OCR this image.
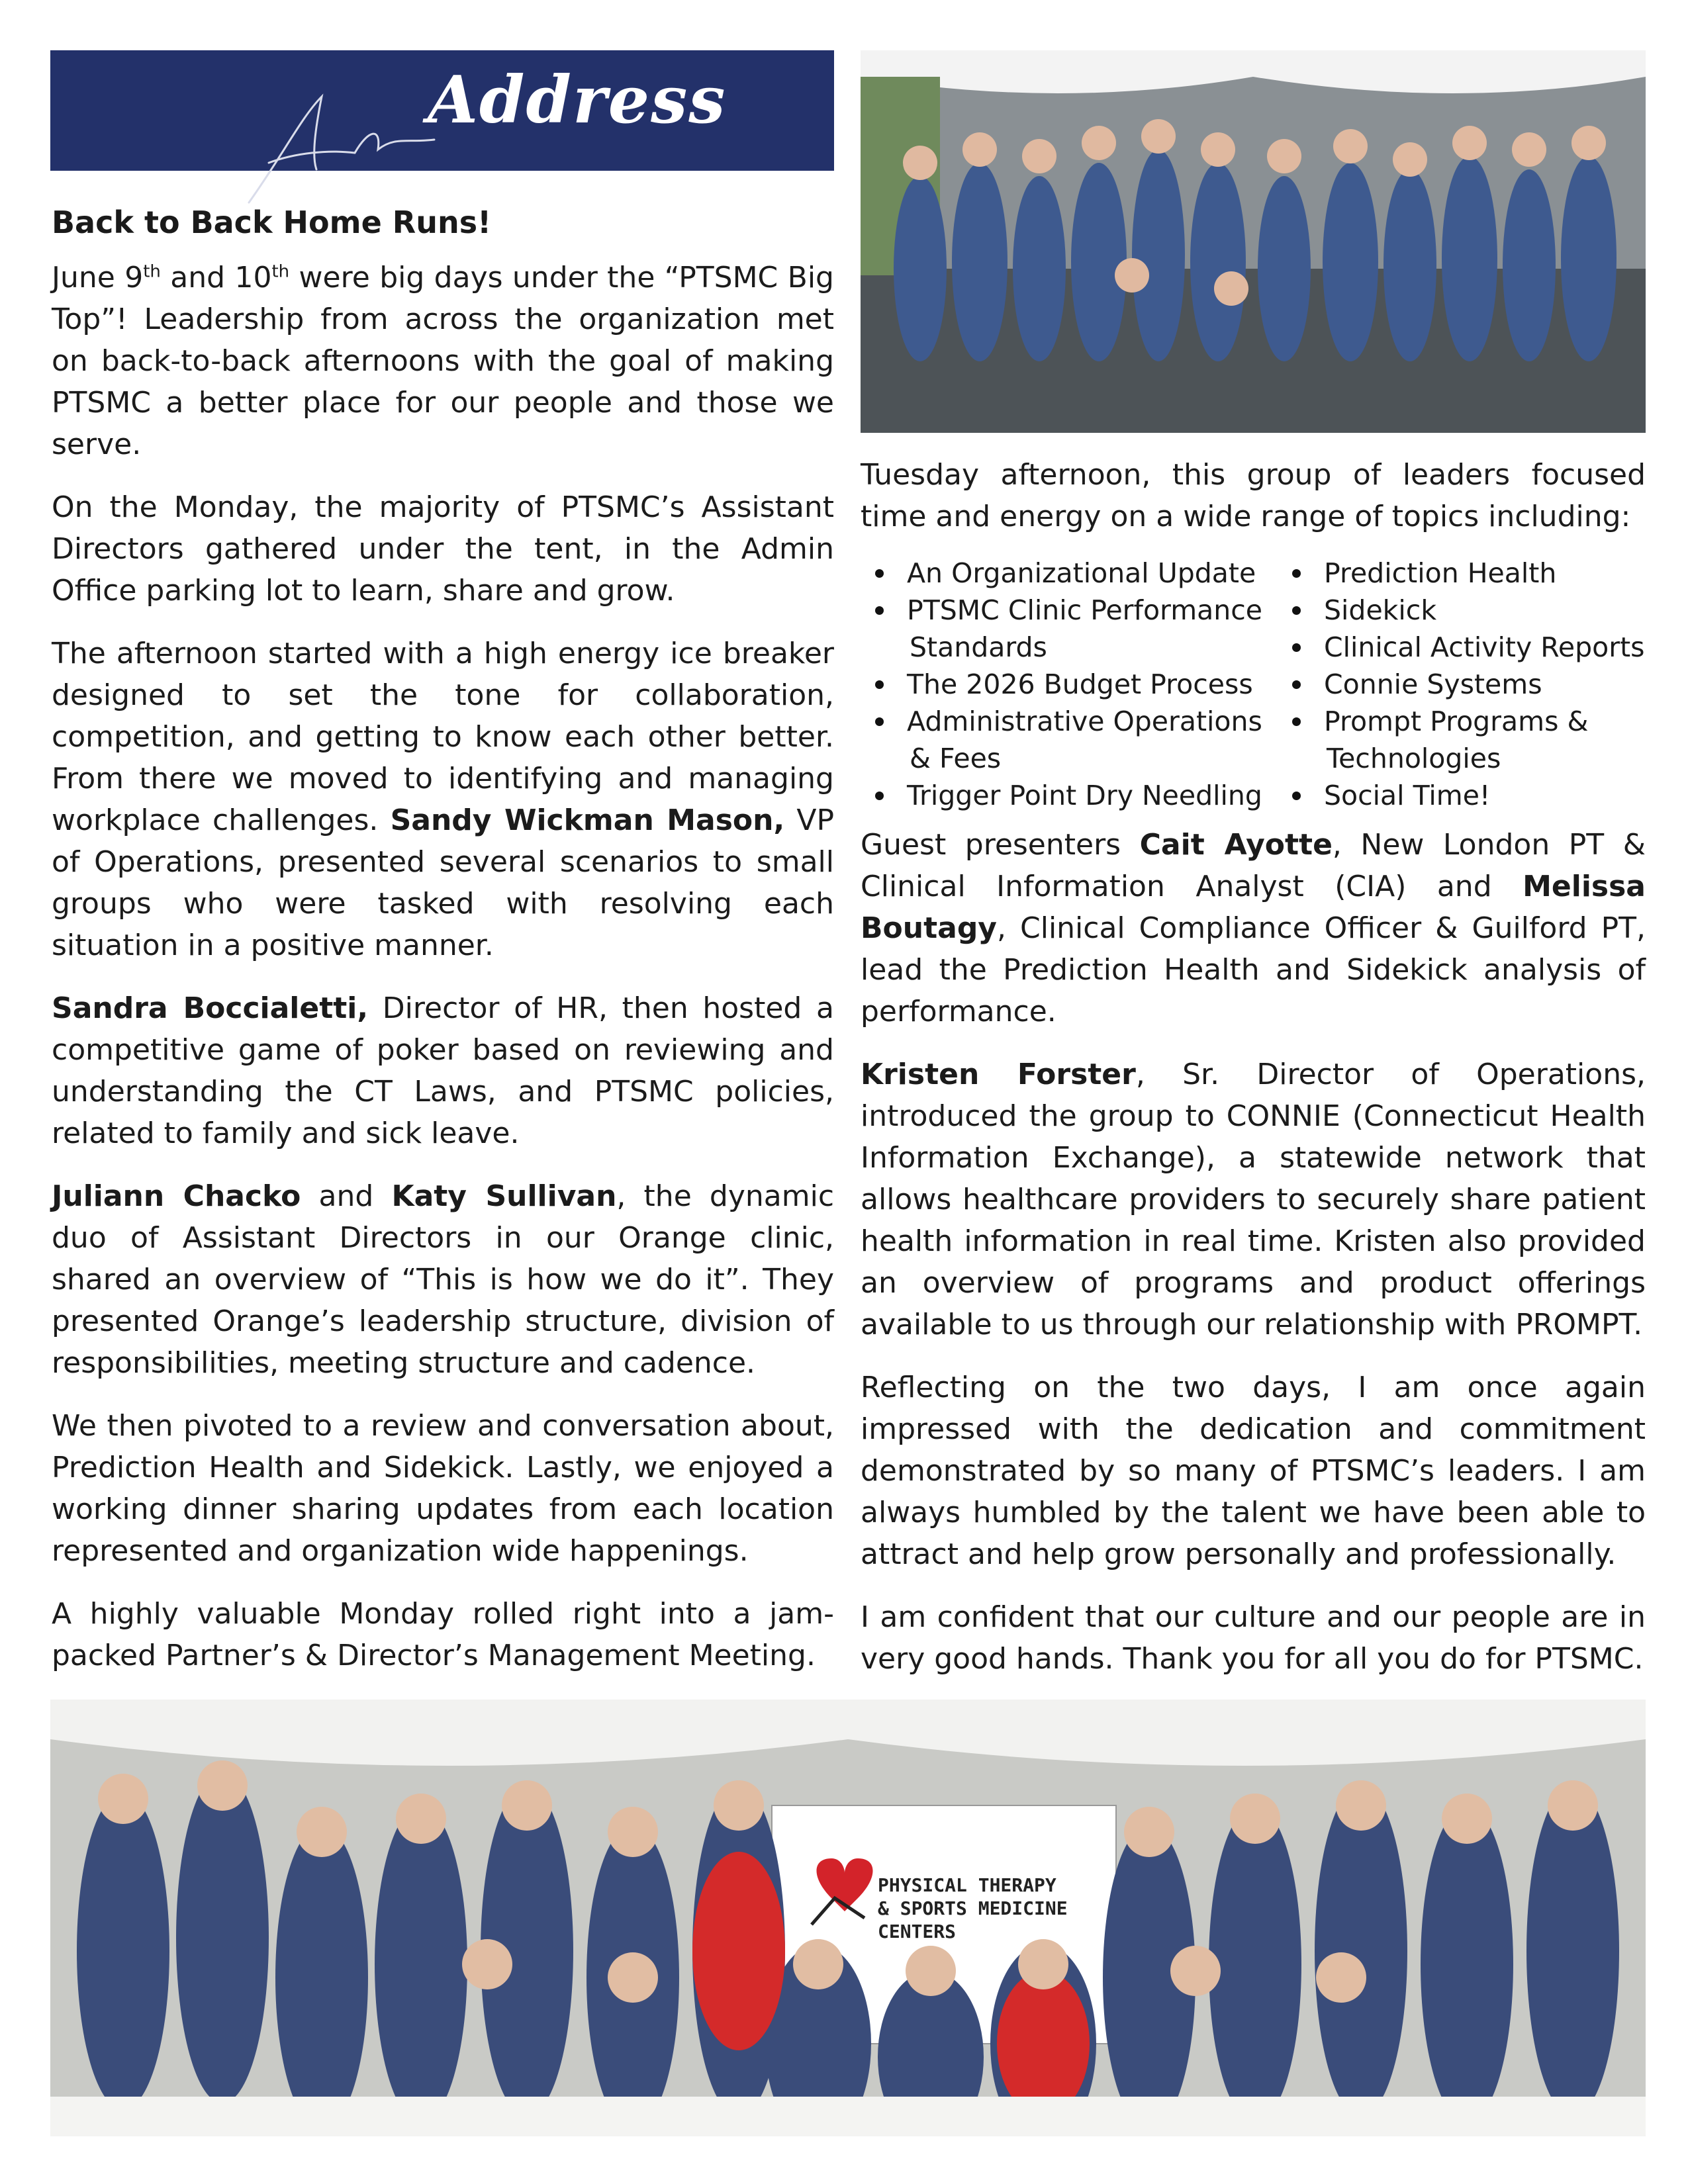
Address
Back to Back Home Runs!

June 9th and 10th were big days under the “PTSMC Big Top”! Leadership from across the organization met on back-to-back afternoons with the goal of making PTSMC a better place for our people and those we serve.

On the Monday, the majority of PTSMC’s Assistant Directors gathered under the tent, in the Admin Office parking lot to learn, share and grow.

The afternoon started with a high energy ice breaker designed to set the tone for collaboration, competition, and getting to know each other better. From there we moved to identifying and managing workplace challenges. Sandy Wickman Mason, VP of Operations, presented several scenarios to small groups who were tasked with resolving each situation in a positive manner.

Sandra Boccialetti, Director of HR, then hosted a competitive game of poker based on reviewing and understanding the CT Laws, and PTSMC policies, related to family and sick leave.

Juliann Chacko and Katy Sullivan, the dynamic duo of Assistant Directors in our Orange clinic, shared an overview of “This is how we do it”. They presented Orange’s leadership structure, division of responsibilities, meeting structure and cadence.

We then pivoted to a review and conversation about, Prediction Health and Sidekick. Lastly, we enjoyed a working dinner sharing updates from each location represented and organization wide happenings.

A highly valuable Monday rolled right into a jam-packed Partner’s & Director’s Management Meeting.

Tuesday afternoon, this group of leaders focused time and energy on a wide range of topics including:

An Organizational Update
PTSMC Clinic Performance
Standards
The 2026 Budget Process
Administrative Operations
& Fees
Trigger Point Dry Needling
Prediction Health
Sidekick
Clinical Activity Reports
Connie Systems
Prompt Programs &
Technologies
Social Time!

Guest presenters Cait Ayotte, New London PT & Clinical Information Analyst (CIA) and Melissa Boutagy, Clinical Compliance Officer & Guilford PT, lead the Prediction Health and Sidekick analysis of performance.

Kristen Forster, Sr. Director of Operations, introduced the group to CONNIE (Connecticut Health Information Exchange), a statewide network that allows healthcare providers to securely share patient health information in real time. Kristen also provided an overview of programs and product offerings available to us through our relationship with PROMPT.

Reflecting on the two days, I am once again impressed with the dedication and commitment demonstrated by so many of PTSMC’s leaders. I am always humbled by the talent we have been able to attract and help grow personally and professionally.

I am confident that our culture and our people are in very good hands. Thank you for all you do for PTSMC.

PHYSICAL THERAPY
& SPORTS MEDICINE
CENTERS
